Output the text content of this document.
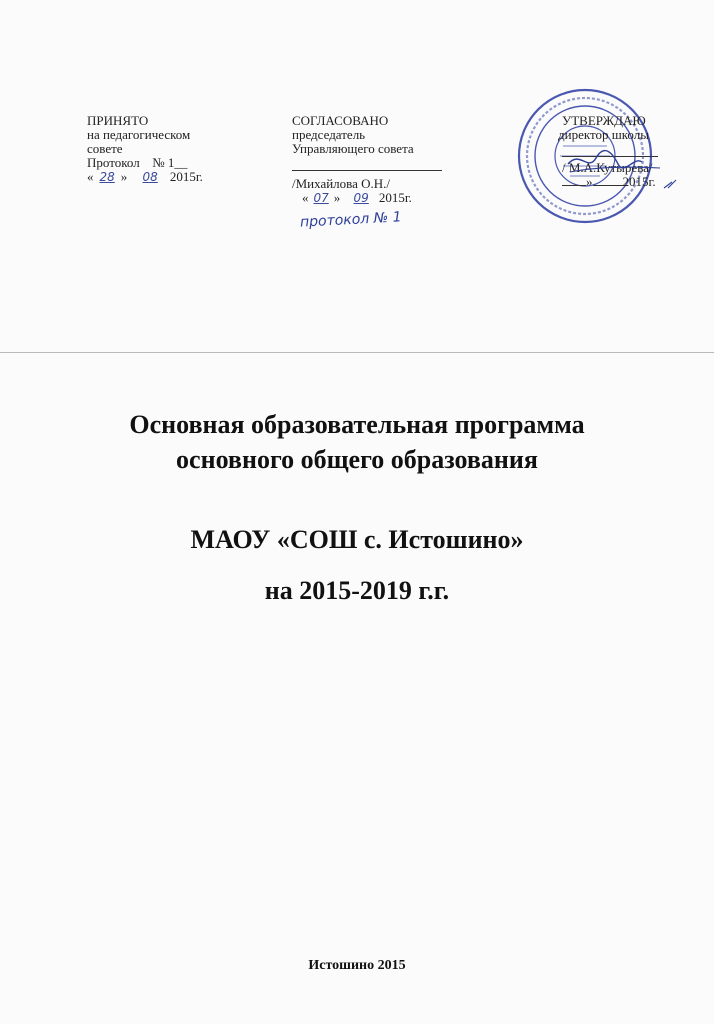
ПРИНЯТО
на педагогическом
совете
Протокол № 1__
« 28 » 08 2015г.
СОГЛАСОВАНО
председатель
Управляющего совета
/Михайлова О.Н./
« 07 » 09 2015г.
протокол № 1
УТВЕРЖДАЮ
директор школы
/ М.А.Кутырева/
» 2015г.
Основная образовательная программа
основного общего образования
МАОУ «СОШ с. Истошино»
на 2015-2019 г.г.
Истошино 2015
